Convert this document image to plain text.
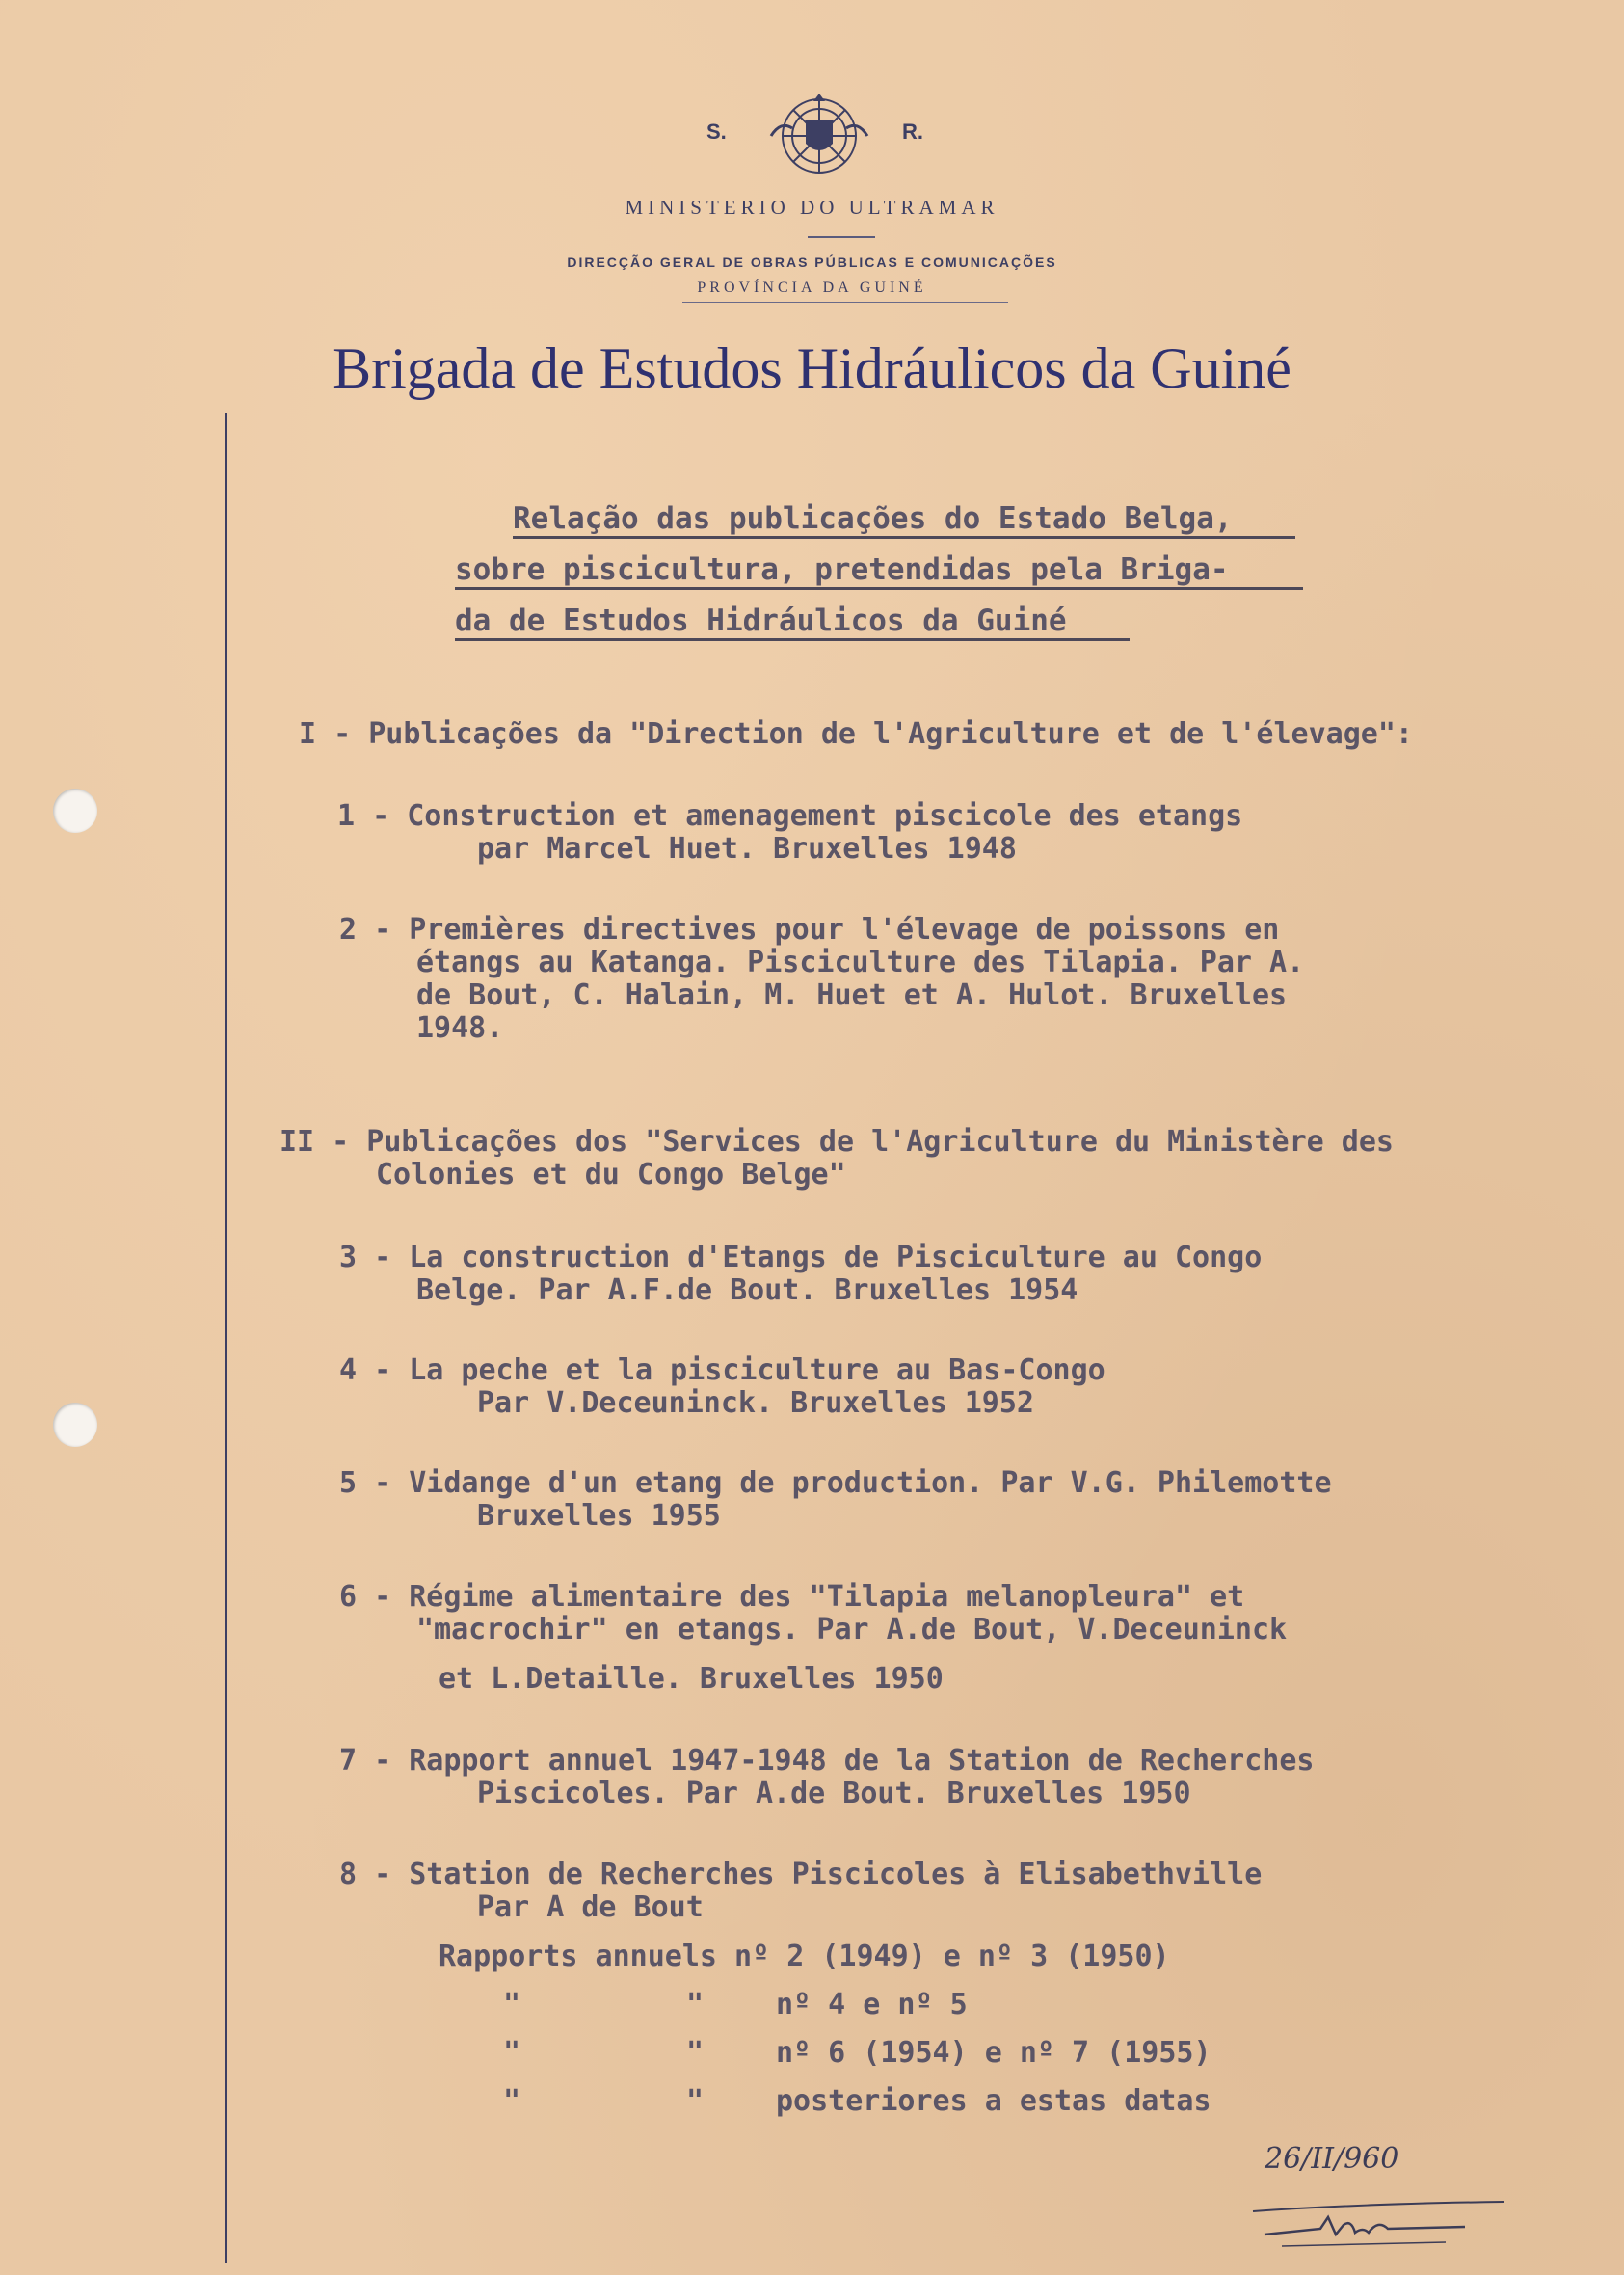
S.	R.
MINISTERIO DO ULTRAMAR
DIRECÇÃO GERAL DE OBRAS PÚBLICAS E COMUNICAÇÕES
PROVÍNCIA DA GUINÉ
Brigada de Estudos Hidráulicos da Guiné
Relação das publicações do Estado Belga,
sobre piscicultura, pretendidas pela Briga-
da de Estudos Hidráulicos da Guiné
I - Publicações da "Direction de l'Agriculture et de l'élevage":
1 - Construction et amenagement piscicole des etangs
par Marcel Huet. Bruxelles 1948
2 - Premières directives pour l'élevage de poissons en
étangs au Katanga. Pisciculture des Tilapia. Par A.
de Bout, C. Halain, M. Huet et A. Hulot. Bruxelles
1948.
II - Publicações dos "Services de l'Agriculture du Ministère des
Colonies et du Congo Belge"
3 - La construction d'Etangs de Pisciculture au Congo
Belge. Par A.F.de Bout. Bruxelles 1954
4 - La peche et la pisciculture au Bas-Congo
Par V.Deceuninck. Bruxelles 1952
5 - Vidange d'un etang de production. Par V.G. Philemotte
Bruxelles 1955
6 - Régime alimentaire des "Tilapia melanopleura" et
"macrochir" en etangs. Par A.de Bout, V.Deceuninck
et L.Detaille. Bruxelles 1950
7 - Rapport annuel 1947-1948 de la Station de Recherches
Piscicoles. Par A.de Bout. Bruxelles 1950
8 - Station de Recherches Piscicoles à Elisabethville
Par A de Bout
Rapports annuels nº 2 (1949) e nº 3 (1950)
"	" nº 4 e nº 5
"	" nº 6 (1954) e nº 7 (1955)
"	" posteriores a estas datas
26/II/960
